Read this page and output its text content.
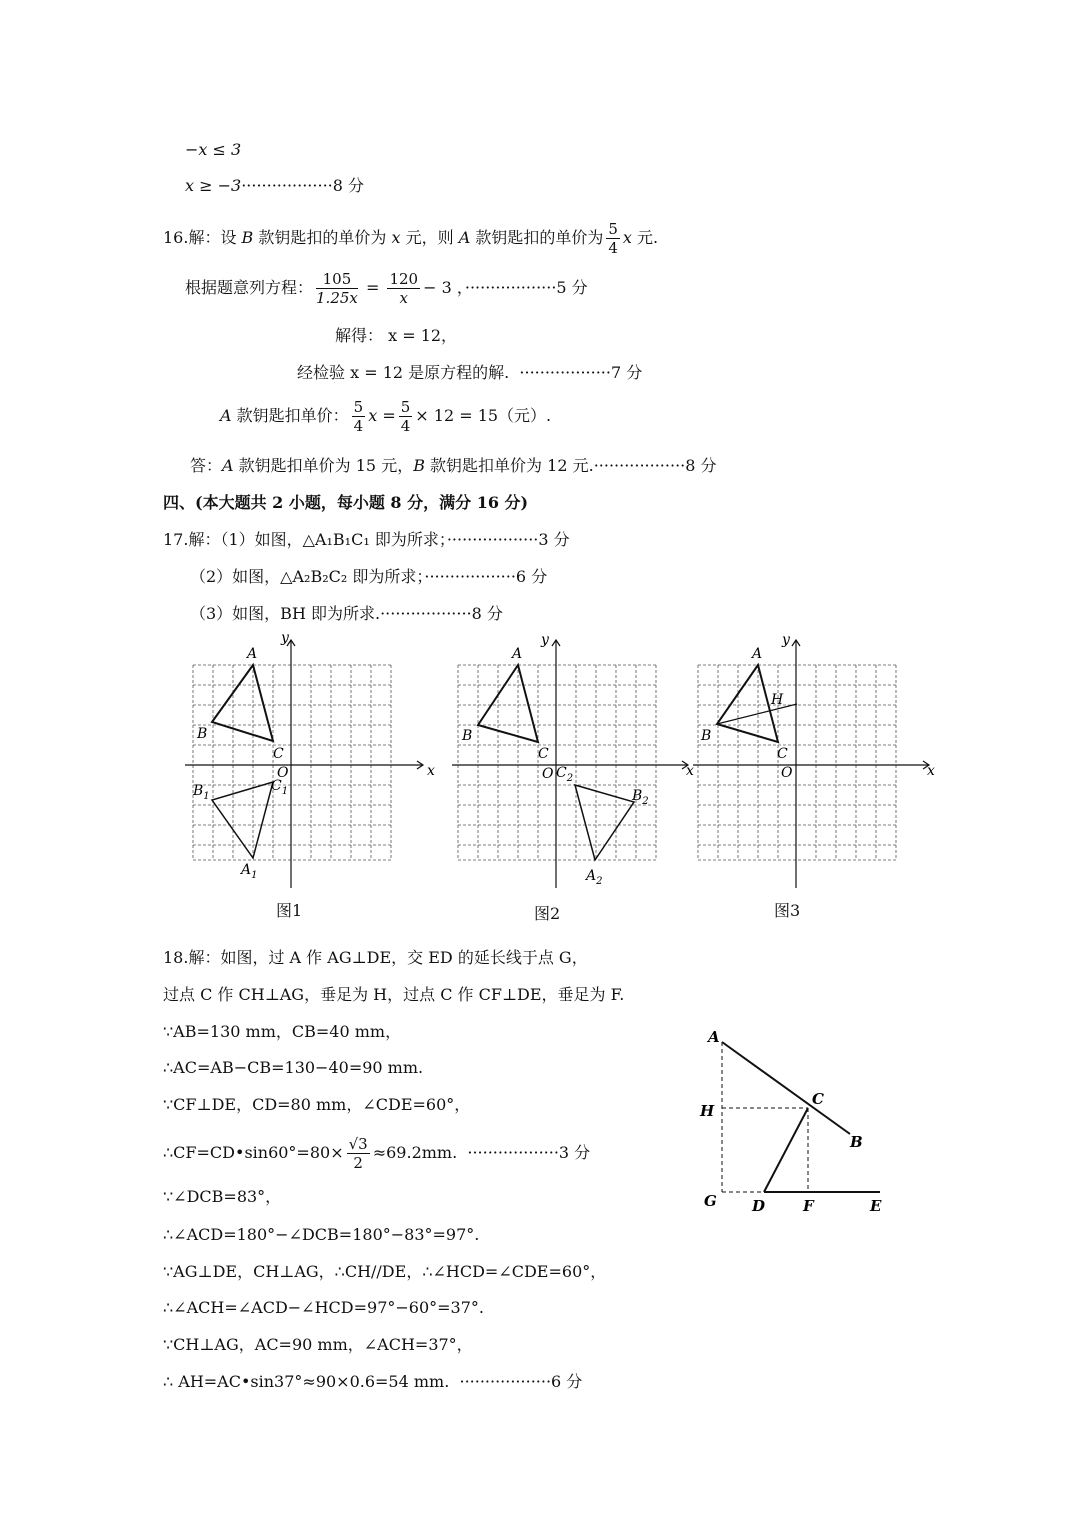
−x ≤ 3
x ≥ −3··················8 分
16.解：设 B 款钥匙扣的单价为 x 元，则 A 款钥匙扣的单价为 $\frac{5}{4}$ x 元.
根据题意列方程： $\frac{105}{1.25x} = \frac{120}{x} - 3$ ，··················5 分
解得： x = 12，
经检验 x = 12 是原方程的解. ··················7 分
A 款钥匙扣单价： $\frac{5}{4}$ $x = \frac{5}{4} \times 12 = 15$（元）.
答：A 款钥匙扣单价为 15 元，B 款钥匙扣单价为 12 元.··················8 分
四、(本大题共 2 小题，每小题 8 分，满分 16 分)
17.解：（1）如图，△A₁B₁C₁ 即为所求；··················3 分
（2）如图，△A₂B₂C₂ 即为所求；··················6 分
（3）如图，BH 即为所求.··················8 分
x
y
O
A
B
C
$B_1$
$C_1$
$A_1$
图1
x
y
O
A
B
C
$C_2$
$B_2$
$A_2$
图2
x
y
O
A
B
C
H
图3
18.解：如图，过 A 作 AG⊥DE，交 ED 的延长线于点 G，
过点 C 作 CH⊥AG，垂足为 H，过点 C 作 CF⊥DE，垂足为 F.
∵AB=130 mm，CB=40 mm，
∴AC=AB−CB=130−40=90 mm.
∵CF⊥DE，CD=80 mm，∠CDE=60°，
∴CF=CD•sin60°=80× $\frac{√3}{2} \approx 69.2mm$. ··················3 分
∵∠DCB=83°，
∴∠ACD=180°−∠DCB=180°−83°=97°.
∵AG⊥DE，CH⊥AG，∴CH//DE，∴∠HCD=∠CDE=60°，
∴∠ACH=∠ACD−∠HCD=97°−60°=37°.
∵CH⊥AG，AC=90 mm，∠ACH=37°，
∴ AH=AC•sin37°≈90×0.6=54 mm. ··················6 分
A
H
C
B
G D	F	E
